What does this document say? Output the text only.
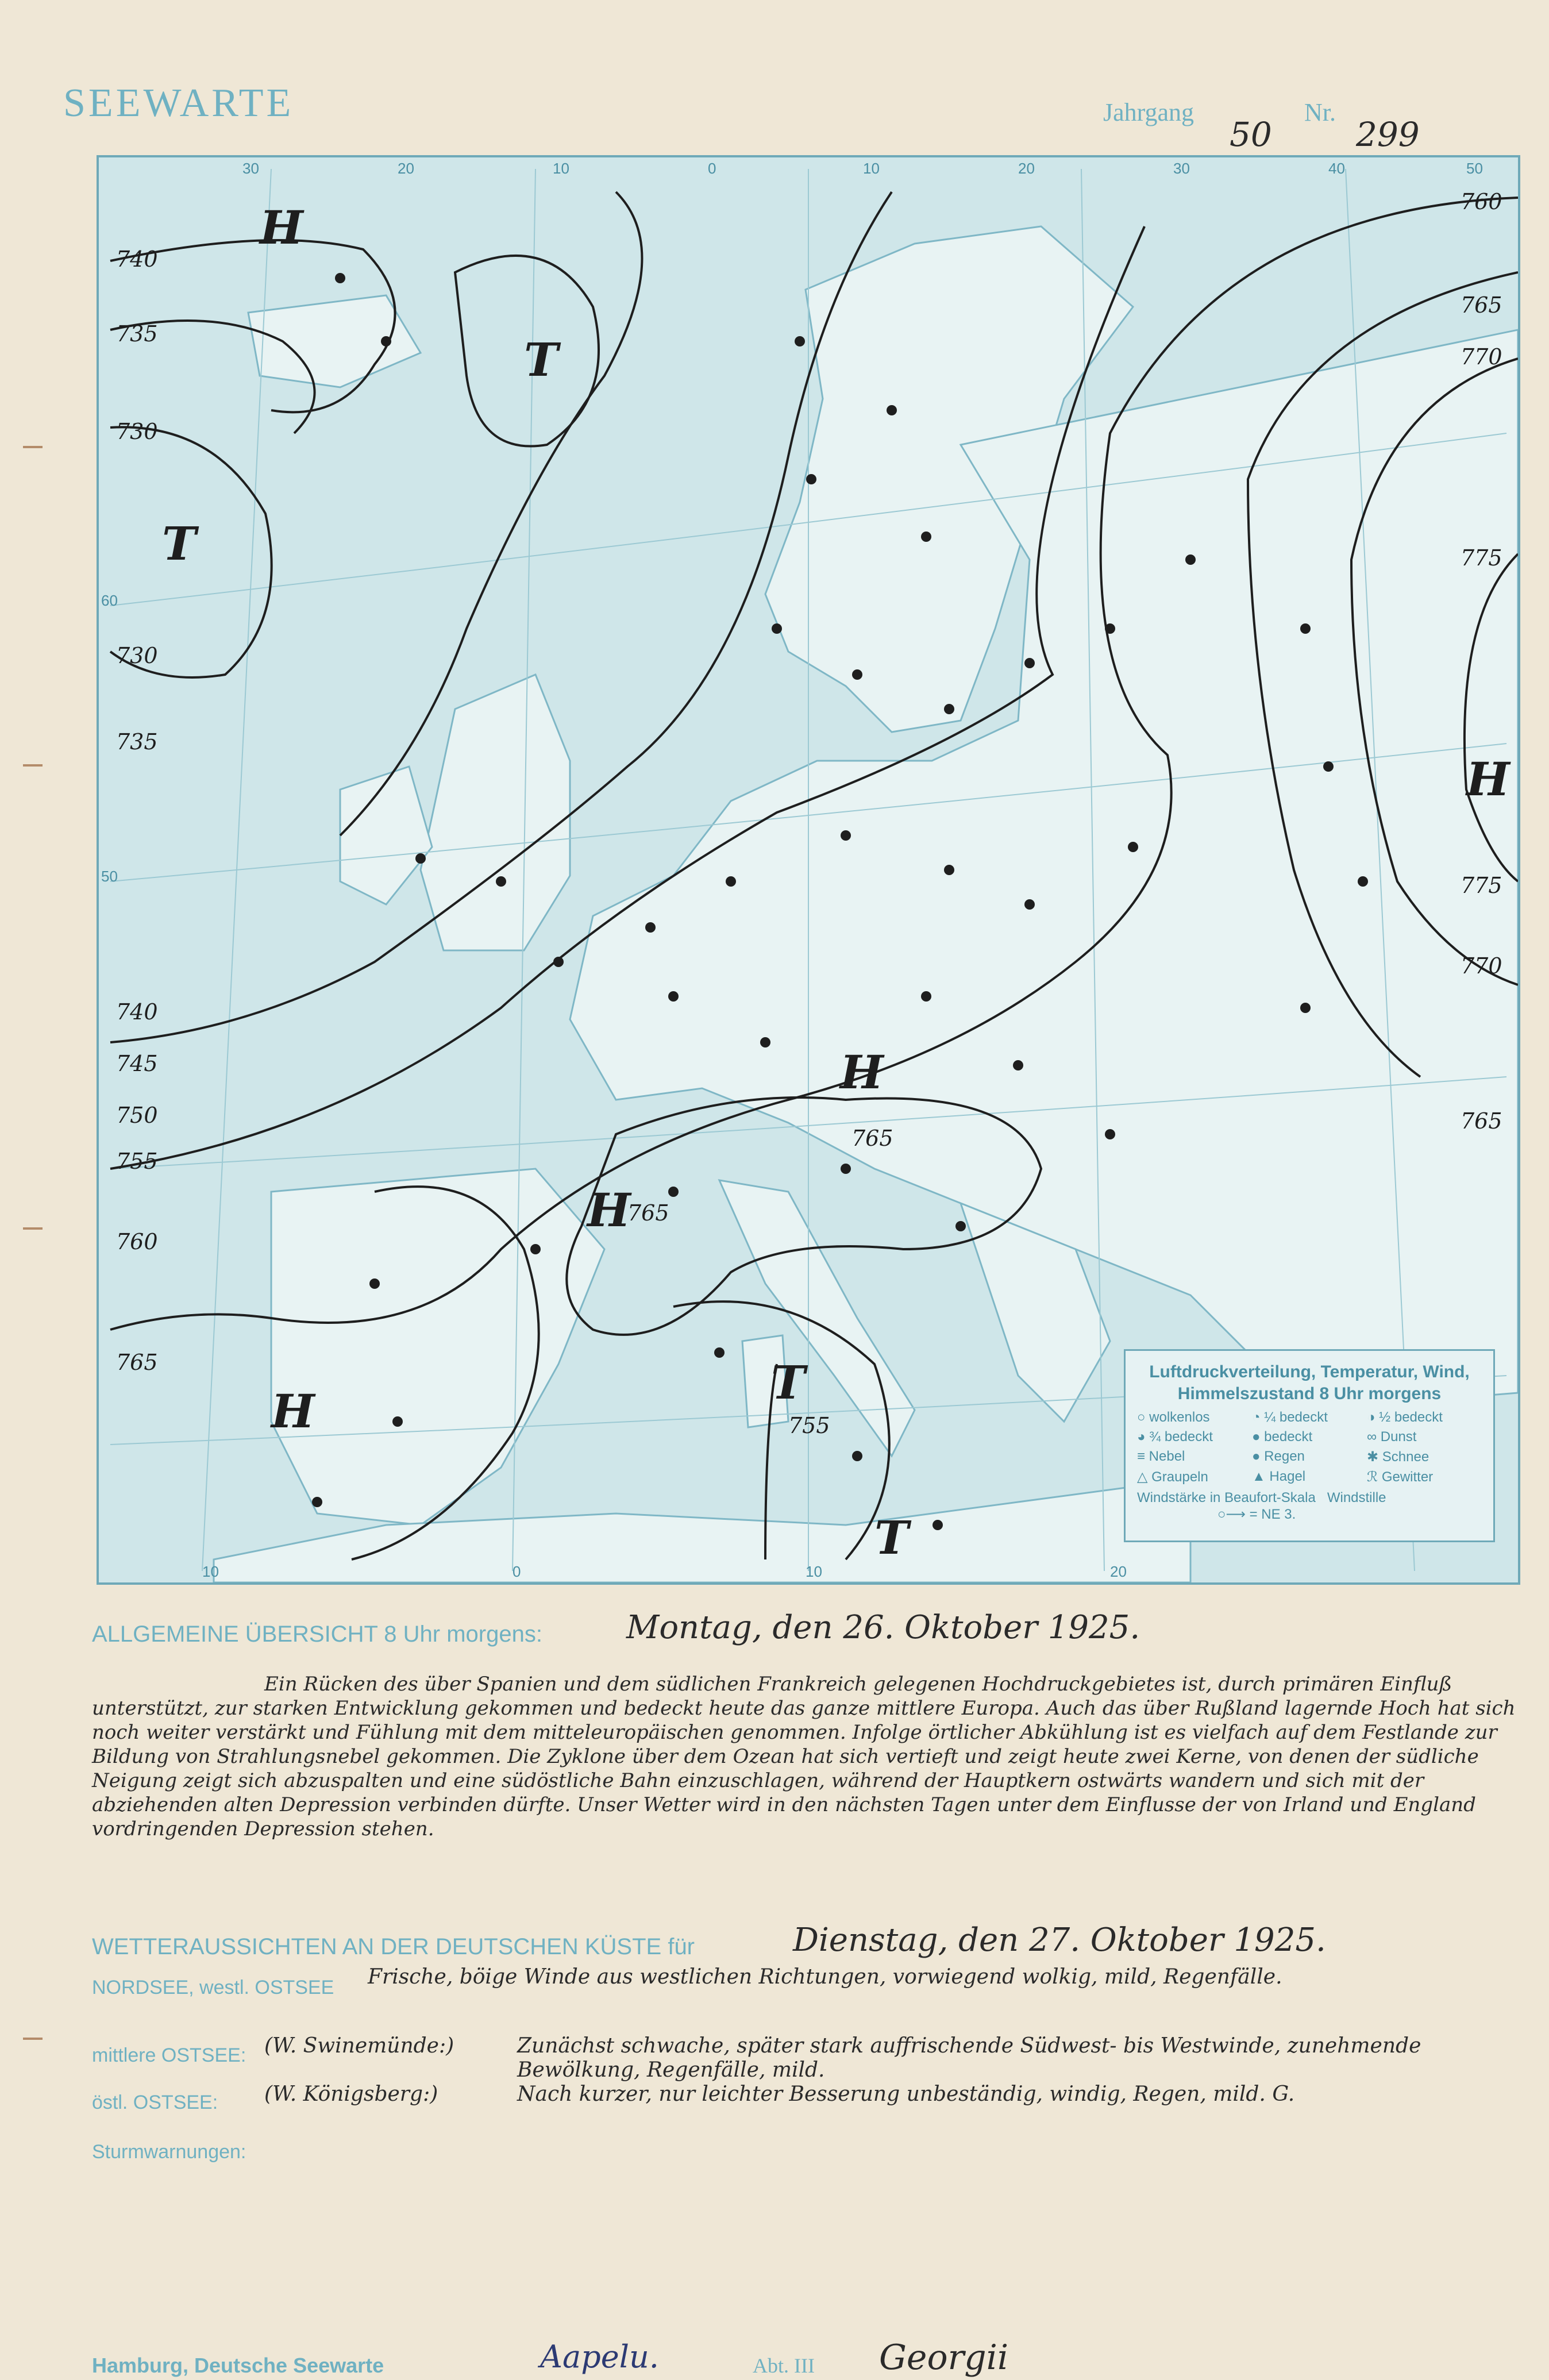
SEEWARTE	Jahrgang
50
Nr.
299
740
735
730
730
735
740
745
750
755
760
765
760
765
770
775
775
770
765
H
T
T
H
H
H
H
T
T
765
765
755
30	20	10	0	10	20	30	40	50
10	0	10	20
60
50
Luftdruckverteilung, Temperatur, Wind,
Himmelszustand 8 Uhr morgens
○ wolkenlos	◔ ¼ bedeckt	◑ ½ bedeckt
◕ ¾ bedeckt	● bedeckt	∞ Dunst
≡ Nebel	● Regen	✱ Schnee
△ Graupeln	▲ Hagel	ℛ Gewitter
Windstärke in Beaufort-Skala Windstille
○⟶ = NE 3.
ALLGEMEINE ÜBERSICHT 8 Uhr morgens:	Montag, den 26. Oktober 1925.
Ein Rücken des über Spanien und dem südlichen Frankreich gelegenen Hochdruckgebietes ist, durch primären Einfluß unterstützt, zur starken Entwicklung gekommen und bedeckt heute das ganze mittlere Europa. Auch das über Rußland lagernde Hoch hat sich noch weiter verstärkt und Fühlung mit dem mitteleuropäischen genommen. Infolge örtlicher Abkühlung ist es vielfach auf dem Festlande zur Bildung von Strahlungsnebel gekommen. Die Zyklone über dem Ozean hat sich vertieft und zeigt heute zwei Kerne, von denen der südliche Neigung zeigt sich abzuspalten und eine südöstliche Bahn einzuschlagen, während der Hauptkern ostwärts wandern und sich mit der abziehenden alten Depression verbinden dürfte. Unser Wetter wird in den nächsten Tagen unter dem Einflusse der von Irland und England vordringenden Depression stehen.
WETTERAUSSICHTEN AN DER DEUTSCHEN KÜSTE für	Dienstag, den 27. Oktober 1925.
NORDSEE, westl. OSTSEE Frische, böige Winde aus westlichen Richtungen, vorwiegend wolkig, mild, Regenfälle.
mittlere OSTSEE: (W. Swinemünde:)	Zunächst schwache, später stark auffrischende Südwest- bis Westwinde, zunehmende Bewölkung, Regenfälle, mild.
östl. OSTSEE: (W. Königsberg:)	Nach kurzer, nur leichter Besserung unbeständig, windig, Regen, mild. G.
Sturmwarnungen:
Hamburg, Deutsche Seewarte	Aapelu.	Abt. III Georgii
